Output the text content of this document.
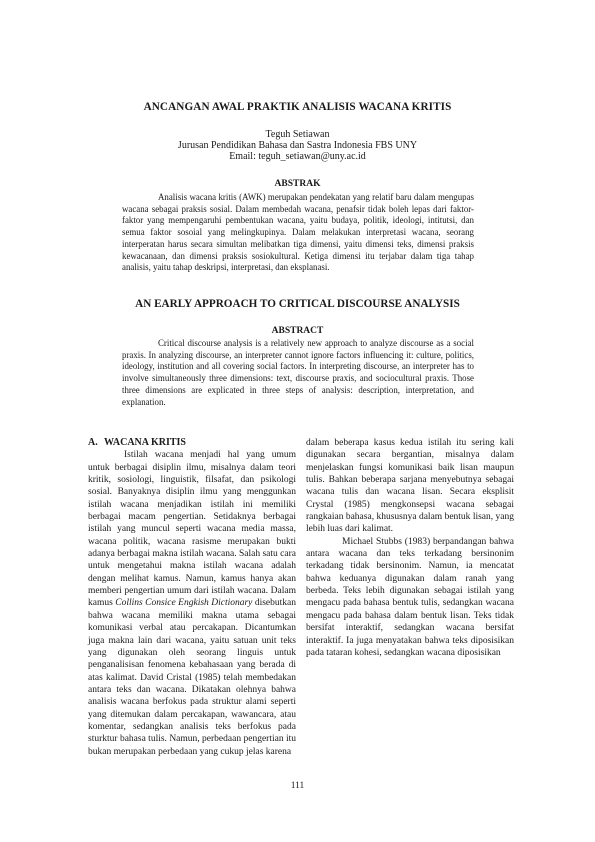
ANCANGAN AWAL PRAKTIK ANALISIS WACANA KRITIS
Teguh Setiawan
Jurusan Pendidikan Bahasa dan Sastra Indonesia FBS UNY
Email: teguh_setiawan@uny.ac.id
ABSTRAK

Analisis wacana kritis (AWK) merupakan pendekatan yang relatif baru dalam mengupas wacana sebagai praksis sosial. Dalam membedah wacana, penafsir tidak boleh lepas dari faktor-faktor yang mempengaruhi pembentukan wacana, yaitu budaya, politik, ideologi, intitutsi, dan semua faktor sosoial yang melingkupinya. Dalam melakukan interpretasi wacana, seorang interperatan harus secara simultan melibatkan tiga dimensi, yaitu dimensi teks, dimensi praksis kewacanaan, dan dimensi praksis sosiokultural. Ketiga dimensi itu terjabar dalam tiga tahap analisis, yaitu tahap deskripsi, interpretasi, dan eksplanasi.

AN EARLY APPROACH TO CRITICAL DISCOURSE ANALYSIS
ABSTRACT

Critical discourse analysis is a relatively new approach to analyze discourse as a social praxis. In analyzing discourse, an interpreter cannot ignore factors influencing it: culture, politics, ideology, institution and all covering social factors. In interpreting discourse, an interpreter has to involve simultaneously three dimensions: text, discourse praxis, and sociocultural praxis. Those three dimensions are explicated in three steps of analysis: description, interpretation, and explanation.

A. WACANA KRITIS

Istilah wacana menjadi hal yang umum untuk berbagai disiplin ilmu, misalnya dalam teori kritik, sosiologi, linguistik, filsafat, dan psikologi sosial. Banyaknya disiplin ilmu yang menggunkan istilah wacana menjadikan istilah ini memiliki berbagai macam pengertian. Setidaknya berbagai istilah yang muncul seperti wacana media massa, wacana politik, wacana rasisme merupakan bukti adanya berbagai makna istilah wacana. Salah satu cara untuk mengetahui makna istilah wacana adalah dengan melihat kamus. Namun, kamus hanya akan memberi pengertian umum dari istilah wacana. Dalam kamus Collins Consice Engkish Dictionary disebutkan bahwa wacana memiliki makna utama sebagai komunikasi verbal atau percakapan. Dicantumkan juga makna lain dari wacana, yaitu satuan unit teks yang digunakan oleh seorang linguis untuk penganalisisan fenomena kebahasaan yang berada di atas kalimat. David Cristal (1985) telah membedakan antara teks dan wacana. Dikatakan olehnya bahwa analisis wacana berfokus pada struktur alami seperti yang ditemukan dalam percakapan, wawancara, atau komentar, sedangkan analisis teks berfokus pada sturktur bahasa tulis. Namun, perbedaan pengertian itu bukan merupakan perbedaan yang cukup jelas karena

dalam beberapa kasus kedua istilah itu sering kali digunakan secara bergantian, misalnya dalam menjelaskan fungsi komunikasi baik lisan maupun tulis. Bahkan beberapa sarjana menyebutnya sebagai wacana tulis dan wacana lisan. Secara eksplisit Crystal (1985) mengkonsepsi wacana sebagai rangkaian bahasa, khususnya dalam bentuk lisan, yang lebih luas dari kalimat.

Michael Stubbs (1983) berpandangan bahwa antara wacana dan teks terkadang bersinonim terkadang tidak bersinonim. Namun, ia mencatat bahwa keduanya digunakan dalam ranah yang berbeda. Teks lebih digunakan sebagai istilah yang mengacu pada bahasa bentuk tulis, sedangkan wacana mengacu pada bahasa dalam bentuk lisan. Teks tidak bersifat interaktif, sedangkan wacana bersifat interaktif. Ia juga menyatakan bahwa teks diposisikan pada tataran kohesi, sedangkan wacana diposisikan

111
